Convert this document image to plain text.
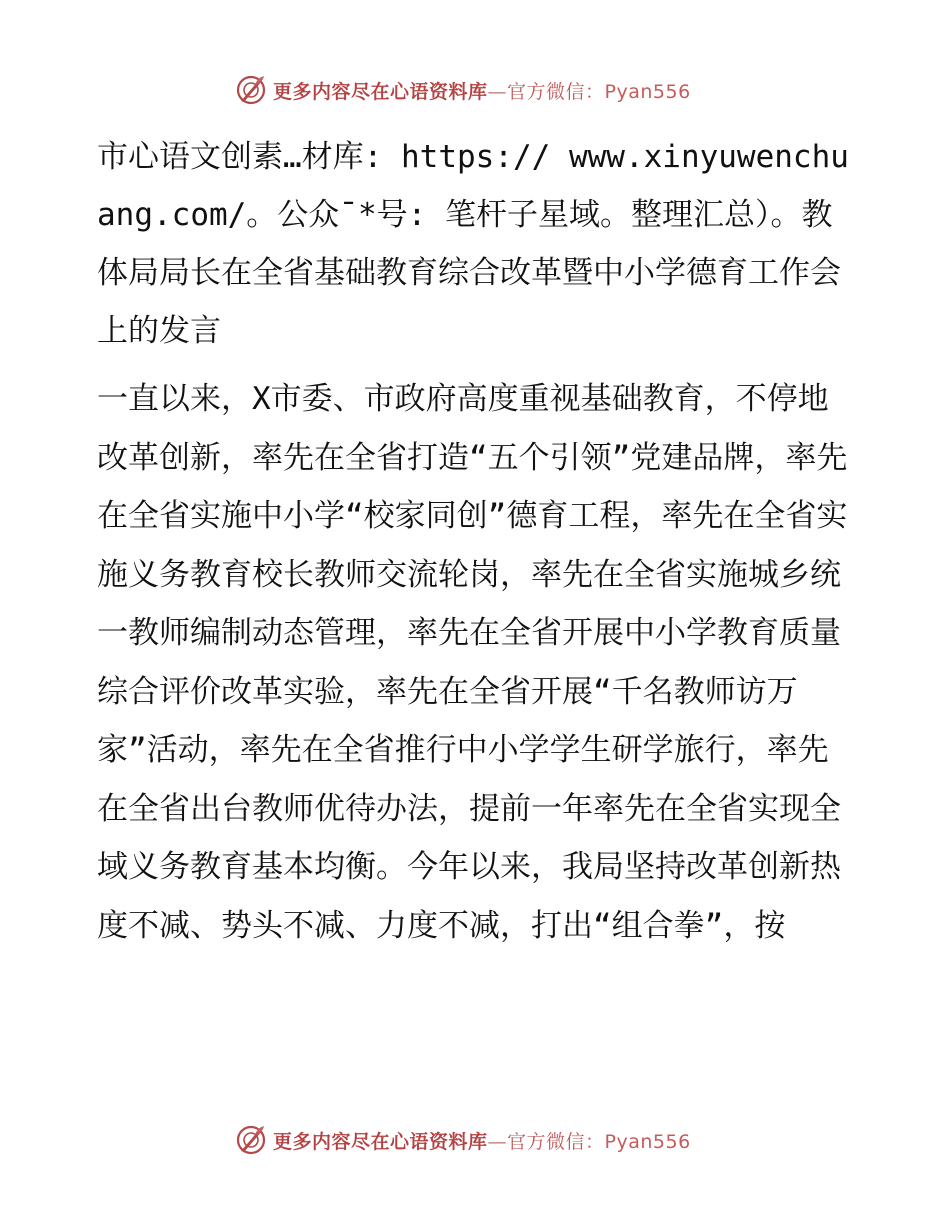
更多内容尽在心语资料库—官方微信：Pyan556

市心语文创素…材库: https:// www.xinyuwenchuang.com/。公众¯*号: 笔杆子星域。整理汇总）。教体局局长在全省基础教育综合改革暨中小学德育工作会上的发言

一直以来，X市委、市政府高度重视基础教育，不停地改革创新，率先在全省打造“五个引领”党建品牌，率先在全省实施中小学“校家同创”德育工程，率先在全省实施义务教育校长教师交流轮岗，率先在全省实施城乡统一教师编制动态管理，率先在全省开展中小学教育质量综合评价改革实验，率先在全省开展“千名教师访万家”活动，率先在全省推行中小学学生研学旅行，率先在全省出台教师优待办法，提前一年率先在全省实现全域义务教育基本均衡。今年以来，我局坚持改革创新热度不减、势头不减、力度不减，打出“组合拳”，按

更多内容尽在心语资料库—官方微信：Pyan556
